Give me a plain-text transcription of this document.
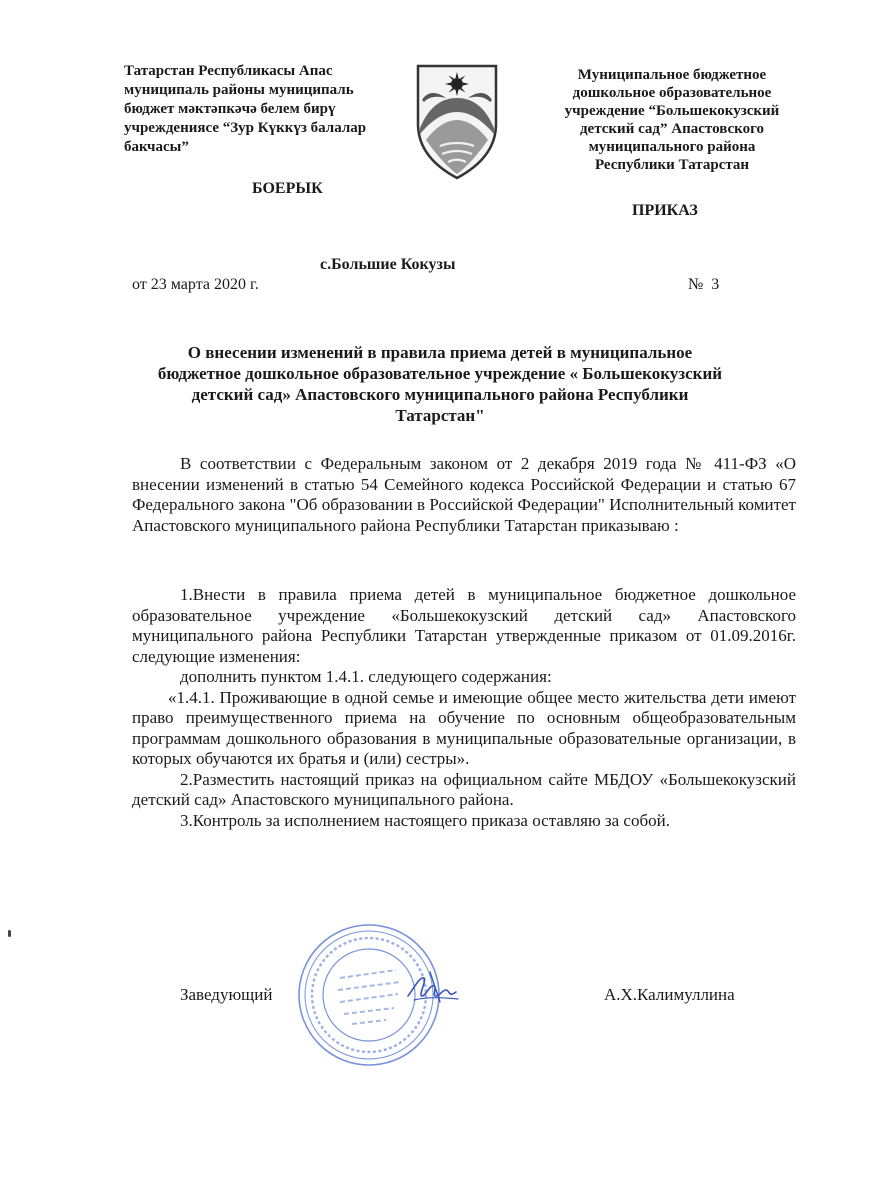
Татарстан Республикасы Апас
муниципаль районы муниципаль
бюджет мәктәпкәчә белем бирү
учреждениясе “Зур Күккүз балалар
бакчасы”
Муниципальное бюджетное
дошкольное образовательное
учреждение “Большекокузский
детский сад” Апастовского
муниципального района
Республики Татарстан
БОЕРЫК
ПРИКАЗ
с.Большие Кокузы
от 23 марта 2020 г.	№ 3
О внесении изменений в правила приема детей в муниципальное
бюджетное дошкольное образовательное учреждение « Большекокузский
детский сад» Апастовского муниципального района Республики
Татарстан"

В соответствии с Федеральным законом от 2 декабря 2019 года № 411-ФЗ «О внесении изменений в статью 54 Семейного кодекса Российской Федерации и статью 67 Федерального закона "Об образовании в Российской Федерации" Исполнительный комитет Апастовского муниципального района Республики Татарстан приказываю :

1.Внести в правила приема детей в муниципальное бюджетное дошкольное образовательное учреждение «Большекокузский детский сад» Апастовского муниципального района Республики Татарстан утвержденные приказом от 01.09.2016г. следующие изменения:

дополнить пунктом 1.4.1. следующего содержания:

«1.4.1. Проживающие в одной семье и имеющие общее место жительства дети имеют право преимущественного приема на обучение по основным общеобразовательным программам дошкольного образования в муниципальные образовательные организации, в которых обучаются их братья и (или) сестры».

2.Разместить настоящий приказ на официальном сайте МБДОУ «Большекокузский детский сад» Апастовского муниципального района.

3.Контроль за исполнением настоящего приказа оставляю за собой.

Заведующий	А.Х.Калимуллина
